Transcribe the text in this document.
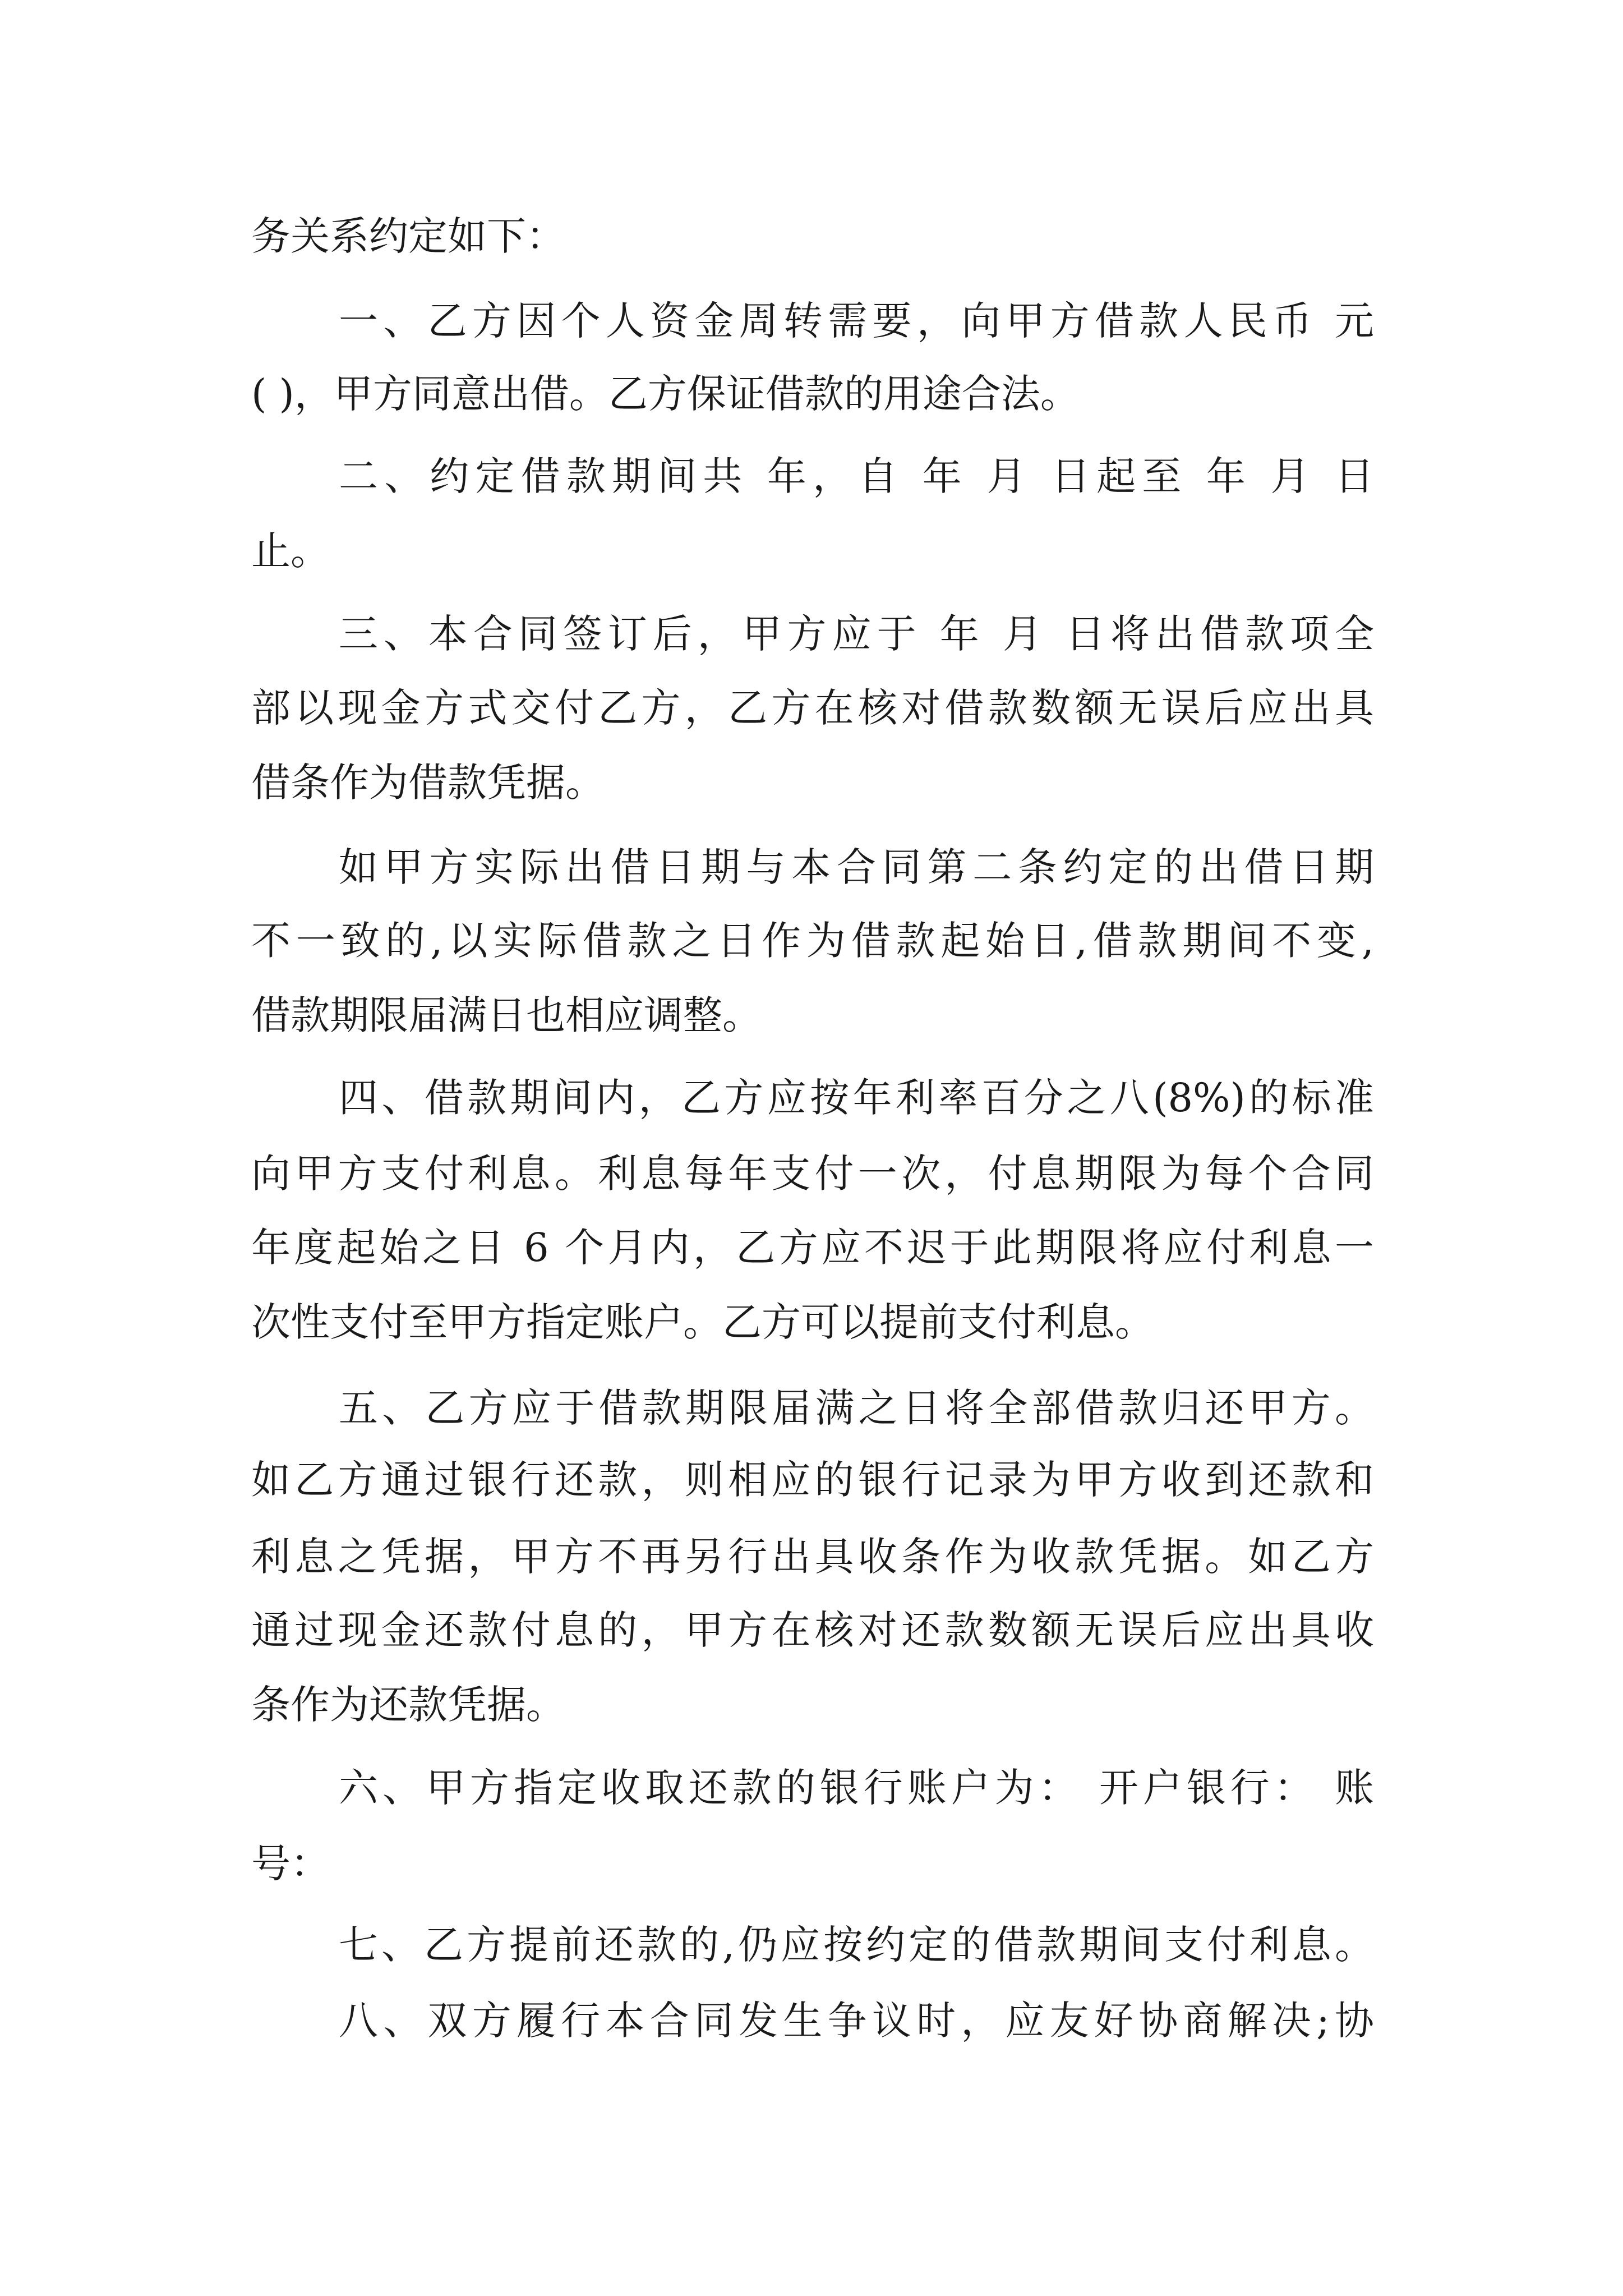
务关系约定如下：
一、乙方因个人资金周转需要，向甲方借款人民币 元
( )，甲方同意出借。乙方保证借款的用途合法。
二、约定借款期间共 年，自 年 月 日起至 年 月 日
止。
三、本合同签订后，甲方应于 年 月 日将出借款项全
部以现金方式交付乙方，乙方在核对借款数额无误后应出具
借条作为借款凭据。
如甲方实际出借日期与本合同第二条约定的出借日期
不一致的,以实际借款之日作为借款起始日,借款期间不变,
借款期限届满日也相应调整。
四、借款期间内，乙方应按年利率百分之八(8%)的标准
向甲方支付利息。利息每年支付一次，付息期限为每个合同
年度起始之日 6 个月内，乙方应不迟于此期限将应付利息一
次性支付至甲方指定账户。乙方可以提前支付利息。
五、乙方应于借款期限届满之日将全部借款归还甲方。
如乙方通过银行还款，则相应的银行记录为甲方收到还款和
利息之凭据，甲方不再另行出具收条作为收款凭据。如乙方
通过现金还款付息的，甲方在核对还款数额无误后应出具收
条作为还款凭据。
六、甲方指定收取还款的银行账户为： 开户银行： 账
号：
七、乙方提前还款的,仍应按约定的借款期间支付利息。
八、双方履行本合同发生争议时，应友好协商解决;协
